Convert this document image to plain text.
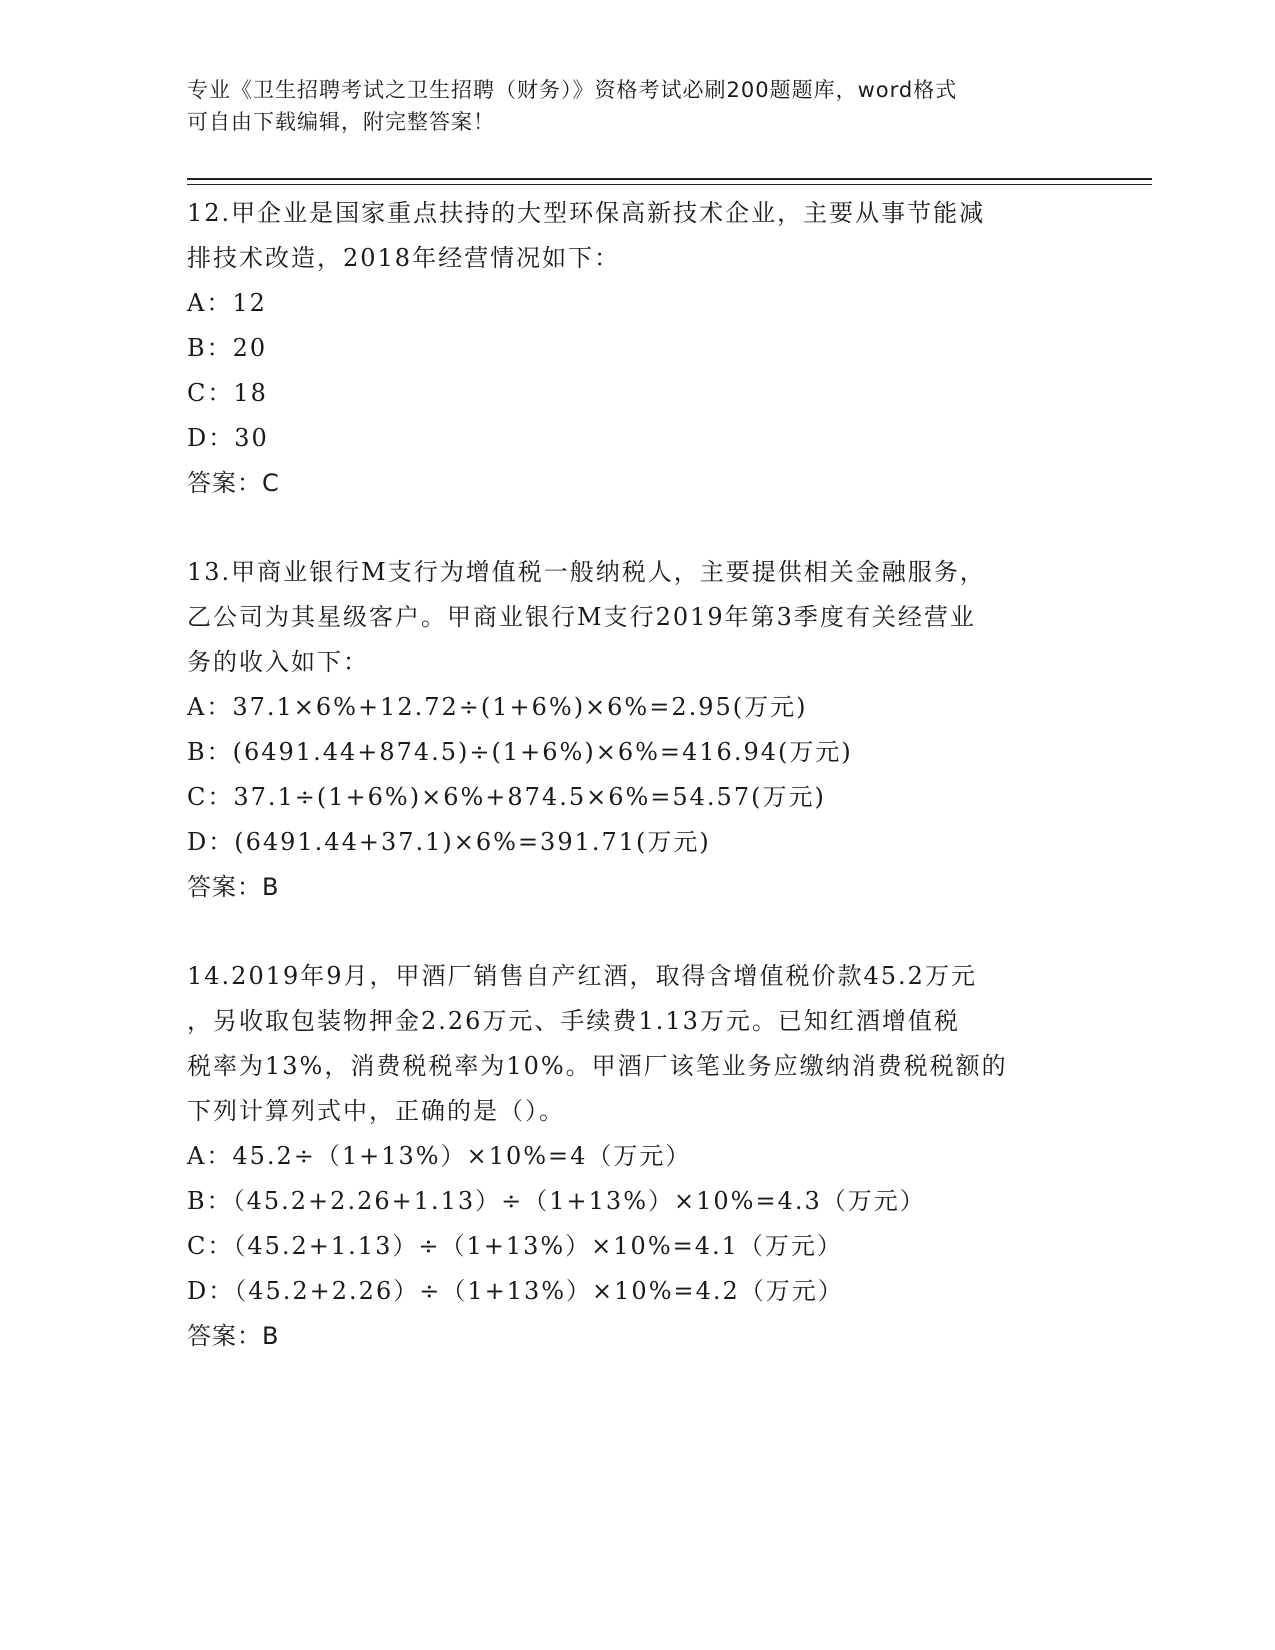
专业《卫生招聘考试之卫生招聘（财务）》资格考试必刷200题题库，word格式
可自由下载编辑，附完整答案！
12.甲企业是国家重点扶持的大型环保高新技术企业，主要从事节能减
排技术改造，2018年经营情况如下：
A：12
B：20
C：18
D：30
答案：C
13.甲商业银行M支行为增值税一般纳税人，主要提供相关金融服务，
乙公司为其星级客户。甲商业银行M支行2019年第3季度有关经营业
务的收入如下：
A：37.1×6%+12.72÷(1+6%)×6%=2.95(万元)
B：(6491.44+874.5)÷(1+6%)×6%=416.94(万元)
C：37.1÷(1+6%)×6%+874.5×6%=54.57(万元)
D：(6491.44+37.1)×6%=391.71(万元)
答案：B
14.2019年9月，甲酒厂销售自产红酒，取得含增值税价款45.2万元
，另收取包装物押金2.26万元、手续费1.13万元。已知红酒增值税
税率为13%，消费税税率为10%。甲酒厂该笔业务应缴纳消费税税额的
下列计算列式中，正确的是（）。
A：45.2÷（1+13%）×10%=4（万元）
B：（45.2+2.26+1.13）÷（1+13%）×10%=4.3（万元）
C：（45.2+1.13）÷（1+13%）×10%=4.1（万元）
D：（45.2+2.26）÷（1+13%）×10%=4.2（万元）
答案：B
